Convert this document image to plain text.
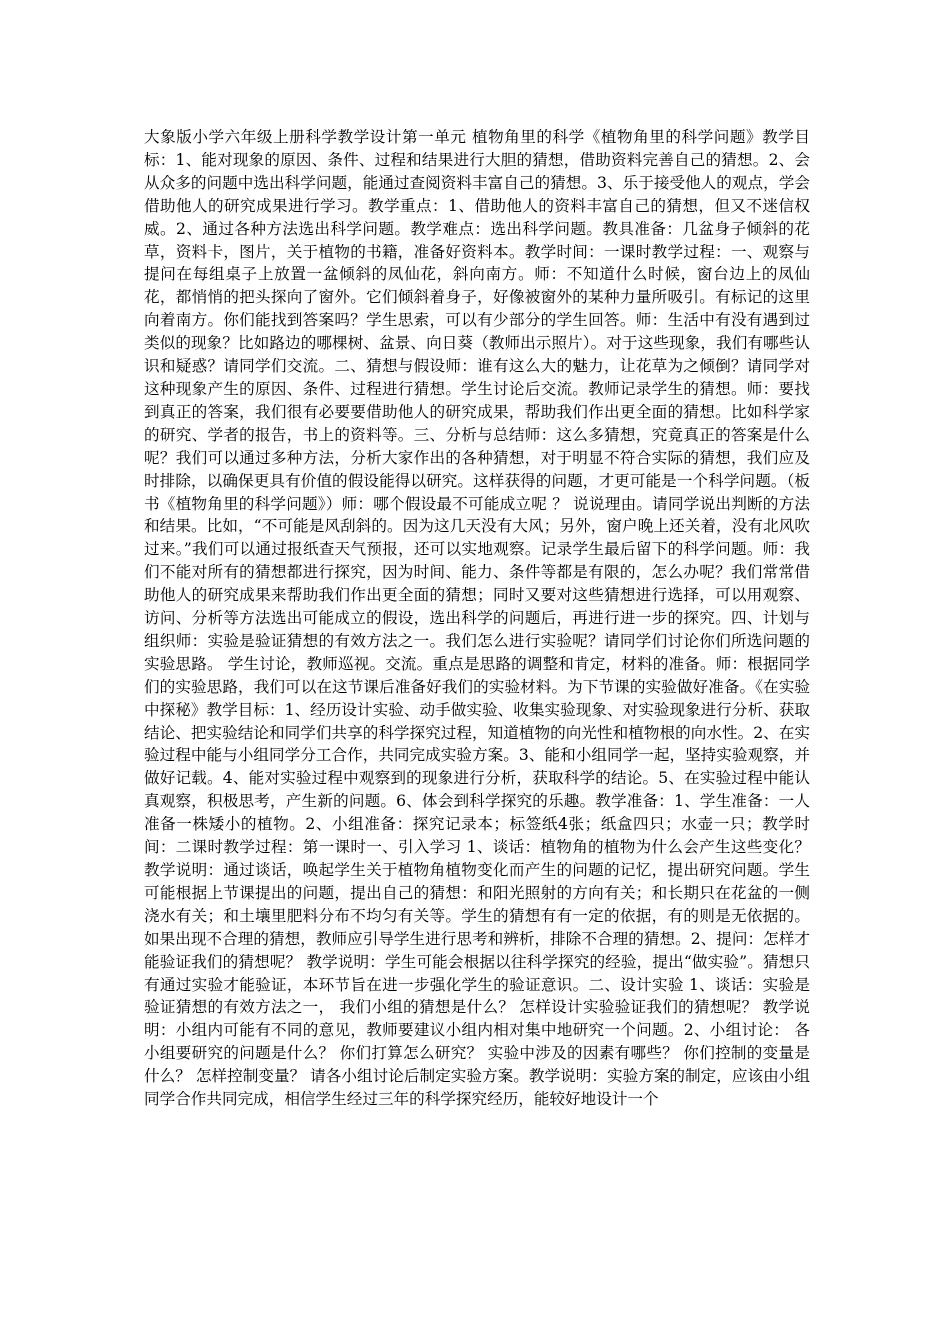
大象版小学六年级上册科学教学设计第一单元 植物角里的科学《植物角里的科学问题》教学目标：1、能对现象的原因、条件、过程和结果进行大胆的猜想，借助资料完善自己的猜想。2、会从众多的问题中选出科学问题，能通过查阅资料丰富自己的猜想。3、乐于接受他人的观点，学会借助他人的研究成果进行学习。教学重点：1、借助他人的资料丰富自己的猜想，但又不迷信权威。2、通过各种方法选出科学问题。教学难点：选出科学问题。教具准备：几盆身子倾斜的花草，资料卡，图片，关于植物的书籍，准备好资料本。教学时间：一课时教学过程：一、观察与提问在每组桌子上放置一盆倾斜的凤仙花，斜向南方。师：不知道什么时候，窗台边上的凤仙花，都悄悄的把头探向了窗外。它们倾斜着身子，好像被窗外的某种力量所吸引。有标记的这里向着南方。你们能找到答案吗？学生思索，可以有少部分的学生回答。师：生活中有没有遇到过类似的现象？比如路边的哪棵树、盆景、向日葵（教师出示照片）。对于这些现象，我们有哪些认识和疑惑？请同学们交流。二、猜想与假设师：谁有这么大的魅力，让花草为之倾倒？请同学对这种现象产生的原因、条件、过程进行猜想。学生讨论后交流。教师记录学生的猜想。师：要找到真正的答案，我们很有必要要借助他人的研究成果，帮助我们作出更全面的猜想。比如科学家的研究、学者的报告，书上的资料等。三、分析与总结师：这么多猜想，究竟真正的答案是什么呢？我们可以通过多种方法，分析大家作出的各种猜想，对于明显不符合实际的猜想，我们应及时排除，以确保更具有价值的假设能得以研究。这样获得的问题，才更可能是一个科学问题。（板书《植物角里的科学问题》）师：哪个假设最不可能成立呢 ？ 说说理由。请同学说出判断的方法和结果。比如，“不可能是风刮斜的。因为这几天没有大风；另外，窗户晚上还关着，没有北风吹过来。”我们可以通过报纸查天气预报，还可以实地观察。记录学生最后留下的科学问题。师：我们不能对所有的猜想都进行探究，因为时间、能力、条件等都是有限的，怎么办呢？我们常常借助他人的研究成果来帮助我们作出更全面的猜想；同时又要对这些猜想进行选择，可以用观察、访问、分析等方法选出可能成立的假设，选出科学的问题后，再进行进一步的探究。四、计划与组织师：实验是验证猜想的有效方法之一。我们怎么进行实验呢？请同学们讨论你们所选问题的实验思路。 学生讨论，教师巡视。交流。重点是思路的调整和肯定，材料的准备。师：根据同学们的实验思路，我们可以在这节课后准备好我们的实验材料。为下节课的实验做好准备。《在实验中探秘》教学目标：1、经历设计实验、动手做实验、收集实验现象、对实验现象进行分析、获取结论、把实验结论和同学们共享的科学探究过程，知道植物的向光性和植物根的向水性。2、在实验过程中能与小组同学分工合作，共同完成实验方案。3、能和小组同学一起，坚持实验观察，并做好记载。4、能对实验过程中观察到的现象进行分析，获取科学的结论。5、在实验过程中能认真观察，积极思考，产生新的问题。6、体会到科学探究的乐趣。教学准备：1、学生准备：一人准备一株矮小的植物。2、小组准备：探究记录本；标签纸4张；纸盒四只；水壶一只；教学时间：二课时教学过程：第一课时一、引入学习 1、谈话：植物角的植物为什么会产生这些变化？ 教学说明：通过谈话，唤起学生关于植物角植物变化而产生的问题的记忆，提出研究问题。学生可能根据上节课提出的问题，提出自己的猜想：和阳光照射的方向有关；和长期只在花盆的一侧浇水有关；和土壤里肥料分布不均匀有关等。学生的猜想有有一定的依据，有的则是无依据的。如果出现不合理的猜想，教师应引导学生进行思考和辨析，排除不合理的猜想。2、提问：怎样才能验证我们的猜想呢？ 教学说明：学生可能会根据以往科学探究的经验，提出“做实验”。猜想只有通过实验才能验证，本环节旨在进一步强化学生的验证意识。二、设计实验 1、谈话：实验是验证猜想的有效方法之一， 我们小组的猜想是什么？ 怎样设计实验验证我们的猜想呢？ 教学说明：小组内可能有不同的意见，教师要建议小组内相对集中地研究一个问题。2、小组讨论： 各小组要研究的问题是什么？ 你们打算怎么研究？ 实验中涉及的因素有哪些？ 你们控制的变量是什么？ 怎样控制变量？ 请各小组讨论后制定实验方案。教学说明：实验方案的制定，应该由小组同学合作共同完成，相信学生经过三年的科学探究经历，能较好地设计一个
